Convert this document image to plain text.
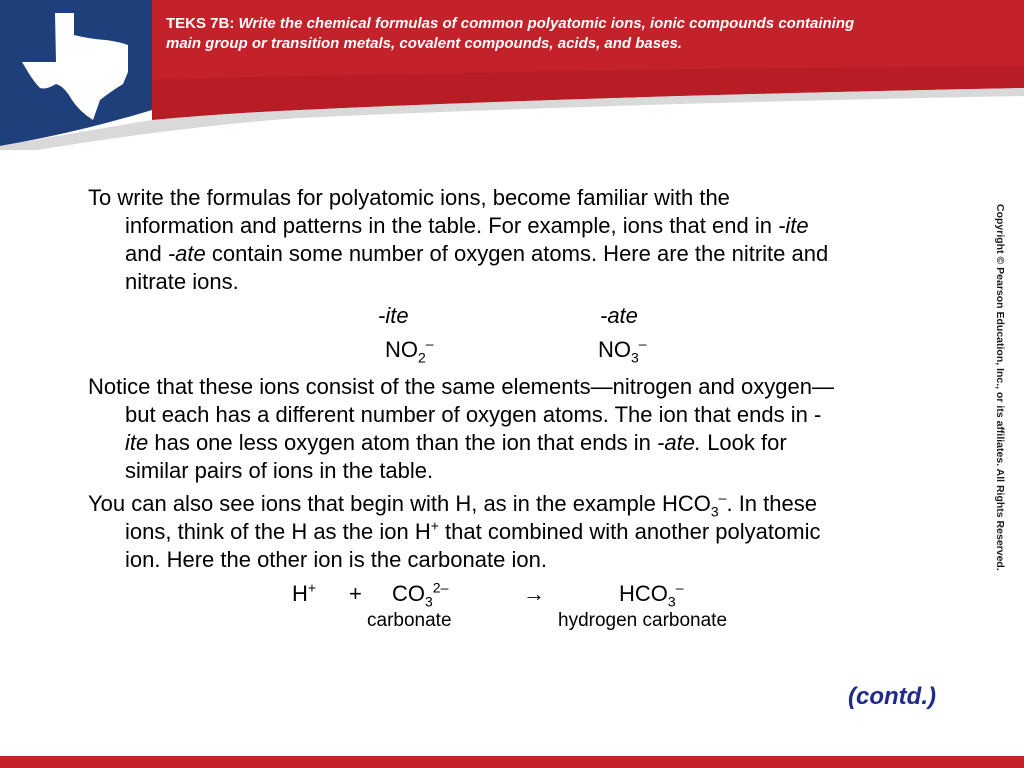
TEKS 7B: Write the chemical formulas of common polyatomic ions, ionic compounds containing
main group or transition metals, covalent compounds, acids, and bases.
Copyright © Pearson Education, Inc., or its affiliates. All Rights Reserved.
To write the formulas for polyatomic ions, become familiar with the
information and patterns in the table. For example, ions that end in -ite
and -ate contain some number of oxygen atoms. Here are the nitrite and
nitrate ions.
-ite	-ate
$NO_2^-$	$NO_3^-$
Notice that these ions consist of the same elements—nitrogen and oxygen—
but each has a different number of oxygen atoms. The ion that ends in -
ite has one less oxygen atom than the ion that ends in -ate. Look for
similar pairs of ions in the table.
You can also see ions that begin with H, as in the example $HCO_3^-$. In these
ions, think of the H as the ion H+ that combined with another polyatomic
ion. Here the other ion is the carbonate ion.
$H^+ + CO_3^{2-}$	→	$HCO_3^-$
carbonate	hydrogen carbonate
(contd.)
